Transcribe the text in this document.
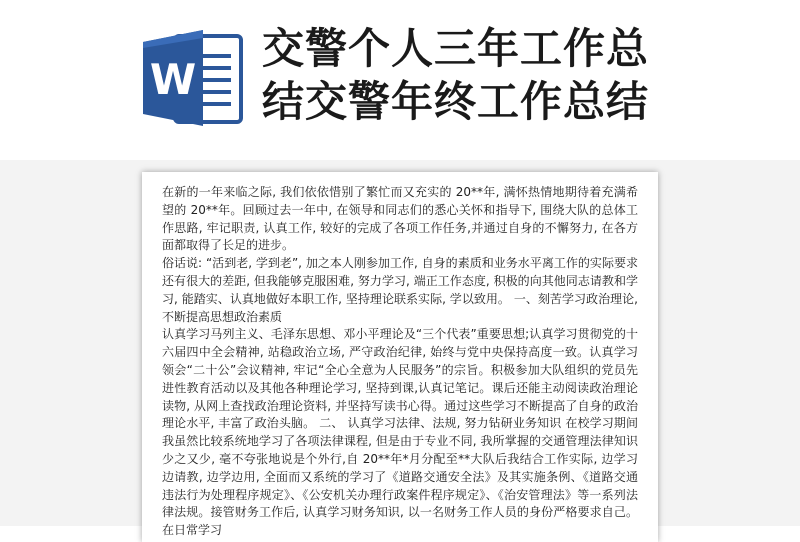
W
交警个人三年工作总
结交警年终工作总结

在新的一年来临之际, 我们依依惜别了繁忙而又充实的 20**年, 满怀热情地期待着充满希望的 20**年。回顾过去一年中, 在领导和同志们的悉心关怀和指导下, 围绕大队的总体工作思路, 牢记职责, 认真工作, 较好的完成了各项工作任务,并通过自身的不懈努力, 在各方面都取得了长足的进步。

俗话说: “活到老, 学到老”, 加之本人刚参加工作, 自身的素质和业务水平离工作的实际要求还有很大的差距, 但我能够克服困难, 努力学习, 端正工作态度, 积极的向其他同志请教和学习, 能踏实、认真地做好本职工作, 坚持理论联系实际, 学以致用。 一、刻苦学习政治理论, 不断提高思想政治素质

认真学习马列主义、毛泽东思想、邓小平理论及“三个代表”重要思想;认真学习贯彻党的十六届四中全会精神, 站稳政治立场, 严守政治纪律, 始终与党中央保持高度一致。认真学习领会“二十公”会议精神, 牢记“全心全意为人民服务”的宗旨。积极参加大队组织的党员先进性教育活动以及其他各种理论学习, 坚持到课,认真记笔记。课后还能主动阅读政治理论读物, 从网上查找政治理论资料, 并坚持写读书心得。通过这些学习不断提高了自身的政治理论水平, 丰富了政治头脑。 二、 认真学习法律、法规, 努力钻研业务知识 在校学习期间我虽然比较系统地学习了各项法律课程, 但是由于专业不同, 我所掌握的交通管理法律知识少之又少, 毫不夸张地说是个外行,自 20**年*月分配至**大队后我结合工作实际, 边学习边请教, 边学边用, 全面而又系统的学习了《道路交通安全法》及其实施条例、《道路交通违法行为处理程序规定》、《公安机关办理行政案件程序规定》、《治安管理法》等一系列法律法规。接管财务工作后, 认真学习财务知识, 以一名财务工作人员的身份严格要求自己。在日常学习
